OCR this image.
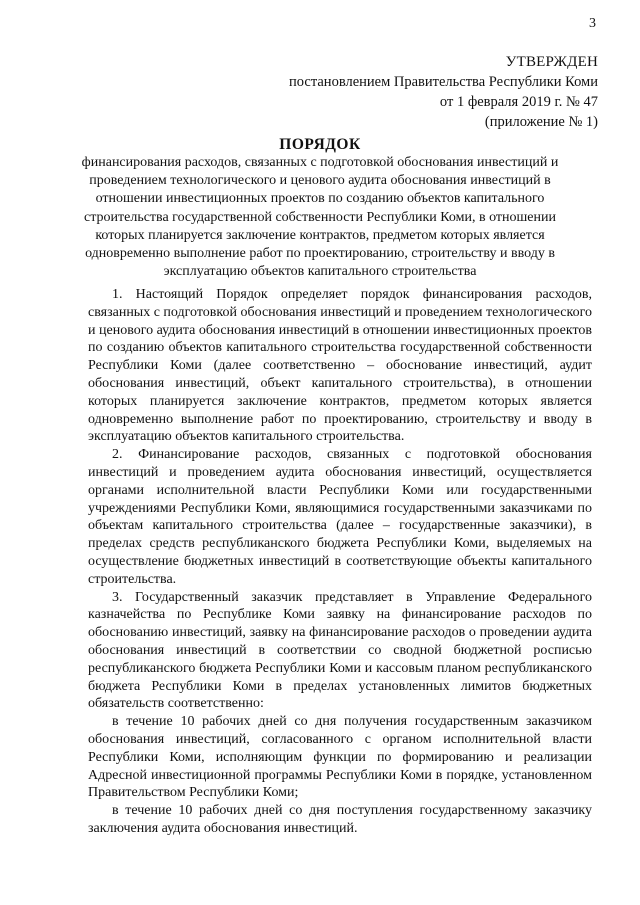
3
УТВЕРЖДЕН
постановлением Правительства Республики Коми
от 1 февраля 2019 г. № 47
(приложение № 1)
ПОРЯДОК
финансирования расходов, связанных с подготовкой обоснования инвестиций и проведением технологического и ценового аудита обоснования инвестиций в отношении инвестиционных проектов по созданию объектов капитального строительства государственной собственности Республики Коми, в отношении которых планируется заключение контрактов, предметом которых является одновременно выполнение работ по проектированию, строительству и вводу в эксплуатацию объектов капитального строительства

1. Настоящий Порядок определяет порядок финансирования расходов, связанных с подготовкой обоснования инвестиций и проведением технологического и ценового аудита обоснования инвестиций в отношении инвестиционных проектов по созданию объектов капитального строительства государственной собственности Республики Коми (далее соответственно – обоснование инвестиций, аудит обоснования инвестиций, объект капитального строительства), в отношении которых планируется заключение контрактов, предметом которых является одновременно выполнение работ по проектированию, строительству и вводу в эксплуатацию объектов капитального строительства.

2. Финансирование расходов, связанных с подготовкой обоснования инвестиций и проведением аудита обоснования инвестиций, осуществляется органами исполнительной власти Республики Коми или государственными учреждениями Республики Коми, являющимися государственными заказчиками по объектам капитального строительства (далее – государственные заказчики), в пределах средств республиканского бюджета Республики Коми, выделяемых на осуществление бюджетных инвестиций в соответствующие объекты капитального строительства.

3. Государственный заказчик представляет в Управление Федерального казначейства по Республике Коми заявку на финансирование расходов по обоснованию инвестиций, заявку на финансирование расходов о проведении аудита обоснования инвестиций в соответствии со сводной бюджетной росписью республиканского бюджета Республики Коми и кассовым планом республиканского бюджета Республики Коми в пределах установленных лимитов бюджетных обязательств соответственно:

в течение 10 рабочих дней со дня получения государственным заказчиком обоснования инвестиций, согласованного с органом исполнительной власти Республики Коми, исполняющим функции по формированию и реализации Адресной инвестиционной программы Республики Коми в порядке, установленном Правительством Республики Коми;

в течение 10 рабочих дней со дня поступления государственному заказчику заключения аудита обоснования инвестиций.
